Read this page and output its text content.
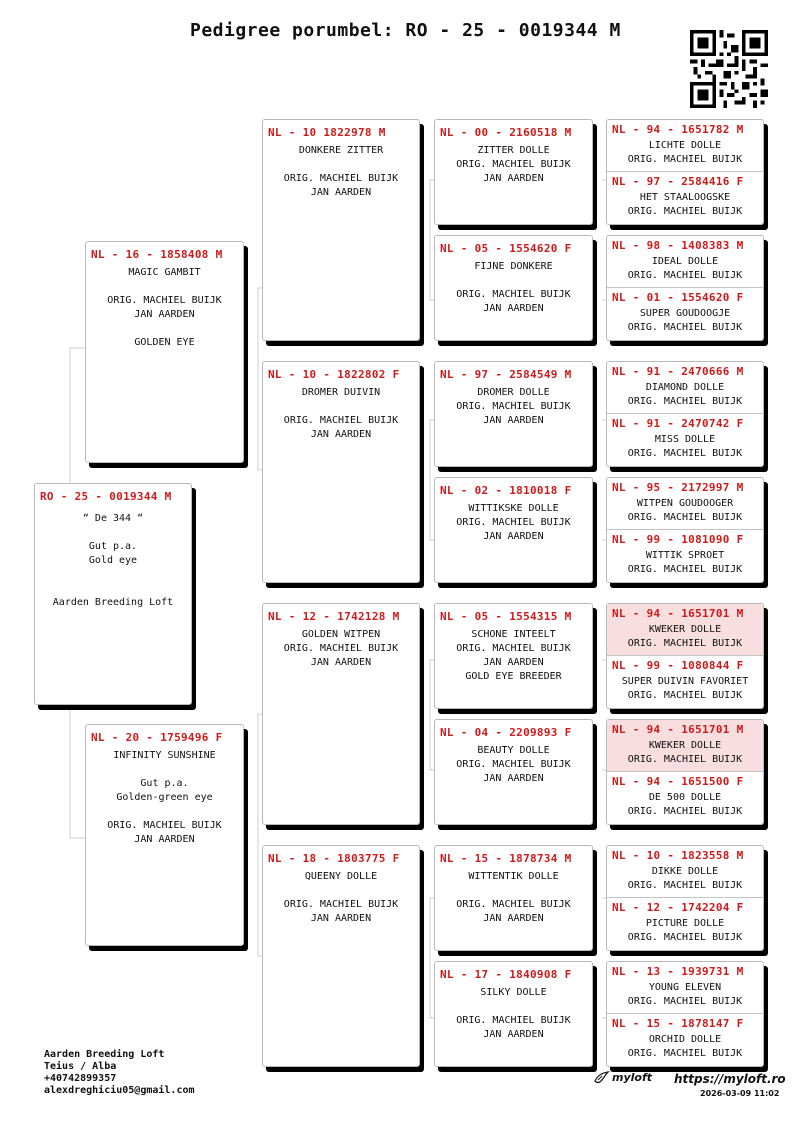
Pedigree porumbel: RO - 25 - 0019344 M
RO - 25 - 0019344 M
“ De 344 “

Gut p.a.
Gold eye

Aarden Breeding Loft
NL - 16 - 1858408 M
MAGIC GAMBIT

ORIG. MACHIEL BUIJK
JAN AARDEN

GOLDEN EYE
NL - 20 - 1759496 F
INFINITY SUNSHINE

Gut p.a.
Golden-green eye

ORIG. MACHIEL BUIJK
JAN AARDEN
NL - 10 1822978 M
DONKERE ZITTER

ORIG. MACHIEL BUIJK
JAN AARDEN
NL - 10 - 1822802 F
DROMER DUIVIN

ORIG. MACHIEL BUIJK
JAN AARDEN
NL - 12 - 1742128 M
GOLDEN WITPEN
ORIG. MACHIEL BUIJK
JAN AARDEN
NL - 18 - 1803775 F
QUEENY DOLLE

ORIG. MACHIEL BUIJK
JAN AARDEN
NL - 00 - 2160518 M
ZITTER DOLLE
ORIG. MACHIEL BUIJK
JAN AARDEN
NL - 05 - 1554620 F
FIJNE DONKERE

ORIG. MACHIEL BUIJK
JAN AARDEN
NL - 97 - 2584549 M
DROMER DOLLE
ORIG. MACHIEL BUIJK
JAN AARDEN
NL - 02 - 1810018 F
WITTIKSKE DOLLE
ORIG. MACHIEL BUIJK
JAN AARDEN
NL - 05 - 1554315 M
SCHONE INTEELT
ORIG. MACHIEL BUIJK
JAN AARDEN
GOLD EYE BREEDER
NL - 04 - 2209893 F
BEAUTY DOLLE
ORIG. MACHIEL BUIJK
JAN AARDEN
NL - 15 - 1878734 M
WITTENTIK DOLLE

ORIG. MACHIEL BUIJK
JAN AARDEN
NL - 17 - 1840908 F
SILKY DOLLE

ORIG. MACHIEL BUIJK
JAN AARDEN
NL - 94 - 1651782 M
LICHTE DOLLE
ORIG. MACHIEL BUIJK
NL - 97 - 2584416 F
HET STAALOOGSKE
ORIG. MACHIEL BUIJK
NL - 98 - 1408383 M
IDEAL DOLLE
ORIG. MACHIEL BUIJK
NL - 01 - 1554620 F
SUPER GOUDOOGJE
ORIG. MACHIEL BUIJK
NL - 91 - 2470666 M
DIAMOND DOLLE
ORIG. MACHIEL BUIJK
NL - 91 - 2470742 F
MISS DOLLE
ORIG. MACHIEL BUIJK
NL - 95 - 2172997 M
WITPEN GOUDOOGER
ORIG. MACHIEL BUIJK
NL - 99 - 1081090 F
WITTIK SPROET
ORIG. MACHIEL BUIJK
NL - 94 - 1651701 M
KWEKER DOLLE
ORIG. MACHIEL BUIJK
NL - 99 - 1080844 F
SUPER DUIVIN FAVORIET
ORIG. MACHIEL BUIJK
NL - 94 - 1651701 M
KWEKER DOLLE
ORIG. MACHIEL BUIJK
NL - 94 - 1651500 F
DE 500 DOLLE
ORIG. MACHIEL BUIJK
NL - 10 - 1823558 M
DIKKE DOLLE
ORIG. MACHIEL BUIJK
NL - 12 - 1742204 F
PICTURE DOLLE
ORIG. MACHIEL BUIJK
NL - 13 - 1939731 M
YOUNG ELEVEN
ORIG. MACHIEL BUIJK
NL - 15 - 1878147 F
ORCHID DOLLE
ORIG. MACHIEL BUIJK
Aarden Breeding Loft
Teius / Alba
+40742899357
alexdreghiciu05@gmail.com
myloft https://myloft.ro
2026-03-09 11:02
